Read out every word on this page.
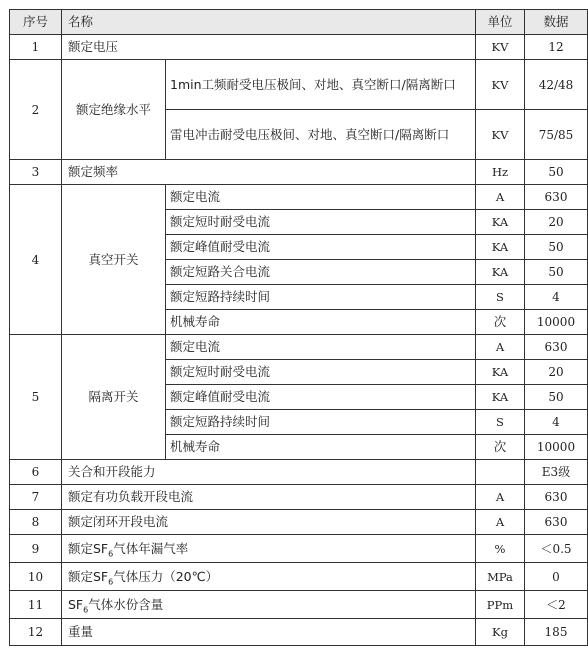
序号	名称		单位	数据
1	额定电压		KV	12
2	额定绝缘水平	1min工频耐受电压极间、对地、真空断口/隔离断口	KV	42/48
		雷电冲击耐受电压极间、对地、真空断口/隔离断口	KV	75/85
3	额定频率		Hz	50
4	真空开关	额定电流	A	630
		额定短时耐受电流	KA	20
		额定峰值耐受电流	KA	50
		额定短路关合电流	KA	50
		额定短路持续时间	S	4
		机械寿命	次	10000
5	隔离开关	额定电流	A	630
		额定短时耐受电流	KA	20
		额定峰值耐受电流	KA	50
		额定短路持续时间	S	4
		机械寿命	次	10000
6	关合和开段能力			E3级
7	额定有功负载开段电流		A	630
8	额定闭环开段电流		A	630
9	额定$SF_6$气体年漏气率		%	＜0.5
10	额定$SF_6$气体压力（20℃）		MPa	0
11	$SF_6$气体水份含量		PPm	＜2
12	重量		Kg	185
